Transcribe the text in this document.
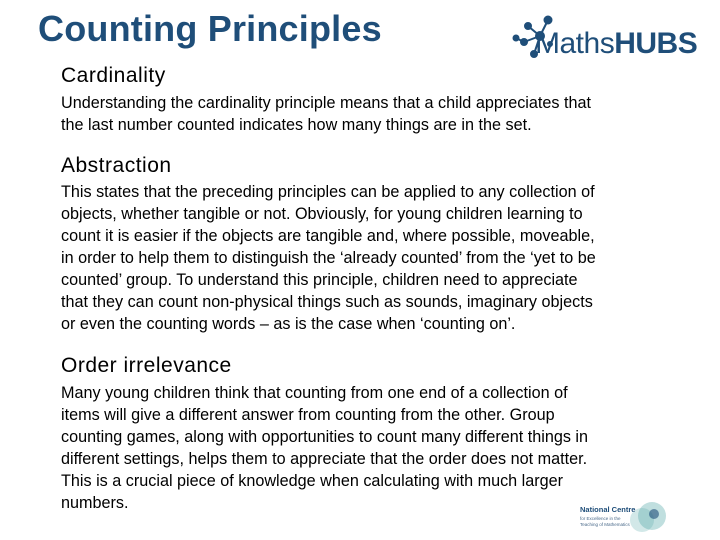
Counting Principles	MathsHUBS
Cardinality
Understanding the cardinality principle means that a child appreciates that
the last number counted indicates how many things are in the set.
Abstraction
This states that the preceding principles can be applied to any collection of
objects, whether tangible or not. Obviously, for young children learning to
count it is easier if the objects are tangible and, where possible, moveable,
in order to help them to distinguish the ‘already counted’ from the ‘yet to be
counted’ group. To understand this principle, children need to appreciate
that they can count non-physical things such as sounds, imaginary objects
or even the counting words – as is the case when ‘counting on’.
Order irrelevance
Many young children think that counting from one end of a collection of
items will give a different answer from counting from the other. Group
counting games, along with opportunities to count many different things in
different settings, helps them to appreciate that the order does not matter.
This is a crucial piece of knowledge when calculating with much larger
numbers.	National Centre
for Excellence in the
Teaching of Mathematics
